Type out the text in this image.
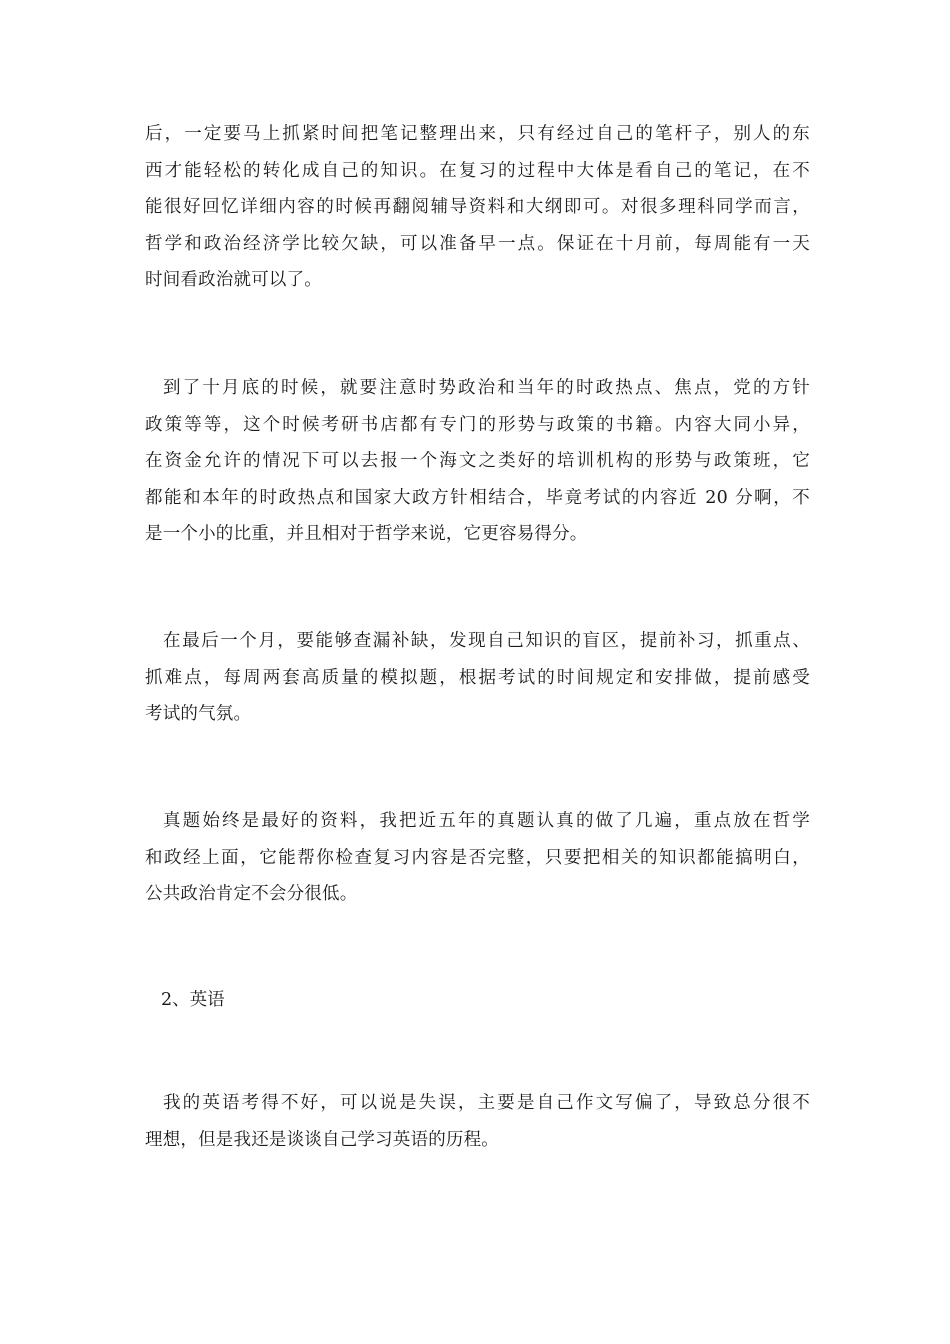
后，一定要马上抓紧时间把笔记整理出来，只有经过自己的笔杆子，别人的东
西才能轻松的转化成自己的知识。在复习的过程中大体是看自己的笔记，在不
能很好回忆详细内容的时候再翻阅辅导资料和大纲即可。对很多理科同学而言，
哲学和政治经济学比较欠缺，可以准备早一点。保证在十月前，每周能有一天
时间看政治就可以了。
到了十月底的时候，就要注意时势政治和当年的时政热点、焦点，党的方针
政策等等，这个时候考研书店都有专门的形势与政策的书籍。内容大同小异，
在资金允许的情况下可以去报一个海文之类好的培训机构的形势与政策班，它
都能和本年的时政热点和国家大政方针相结合，毕竟考试的内容近 20 分啊，不
是一个小的比重，并且相对于哲学来说，它更容易得分。
在最后一个月，要能够查漏补缺，发现自己知识的盲区，提前补习，抓重点、
抓难点，每周两套高质量的模拟题，根据考试的时间规定和安排做，提前感受
考试的气氛。
真题始终是最好的资料，我把近五年的真题认真的做了几遍，重点放在哲学
和政经上面，它能帮你检查复习内容是否完整，只要把相关的知识都能搞明白，
公共政治肯定不会分很低。
2、英语
我的英语考得不好，可以说是失误，主要是自己作文写偏了，导致总分很不
理想，但是我还是谈谈自己学习英语的历程。
